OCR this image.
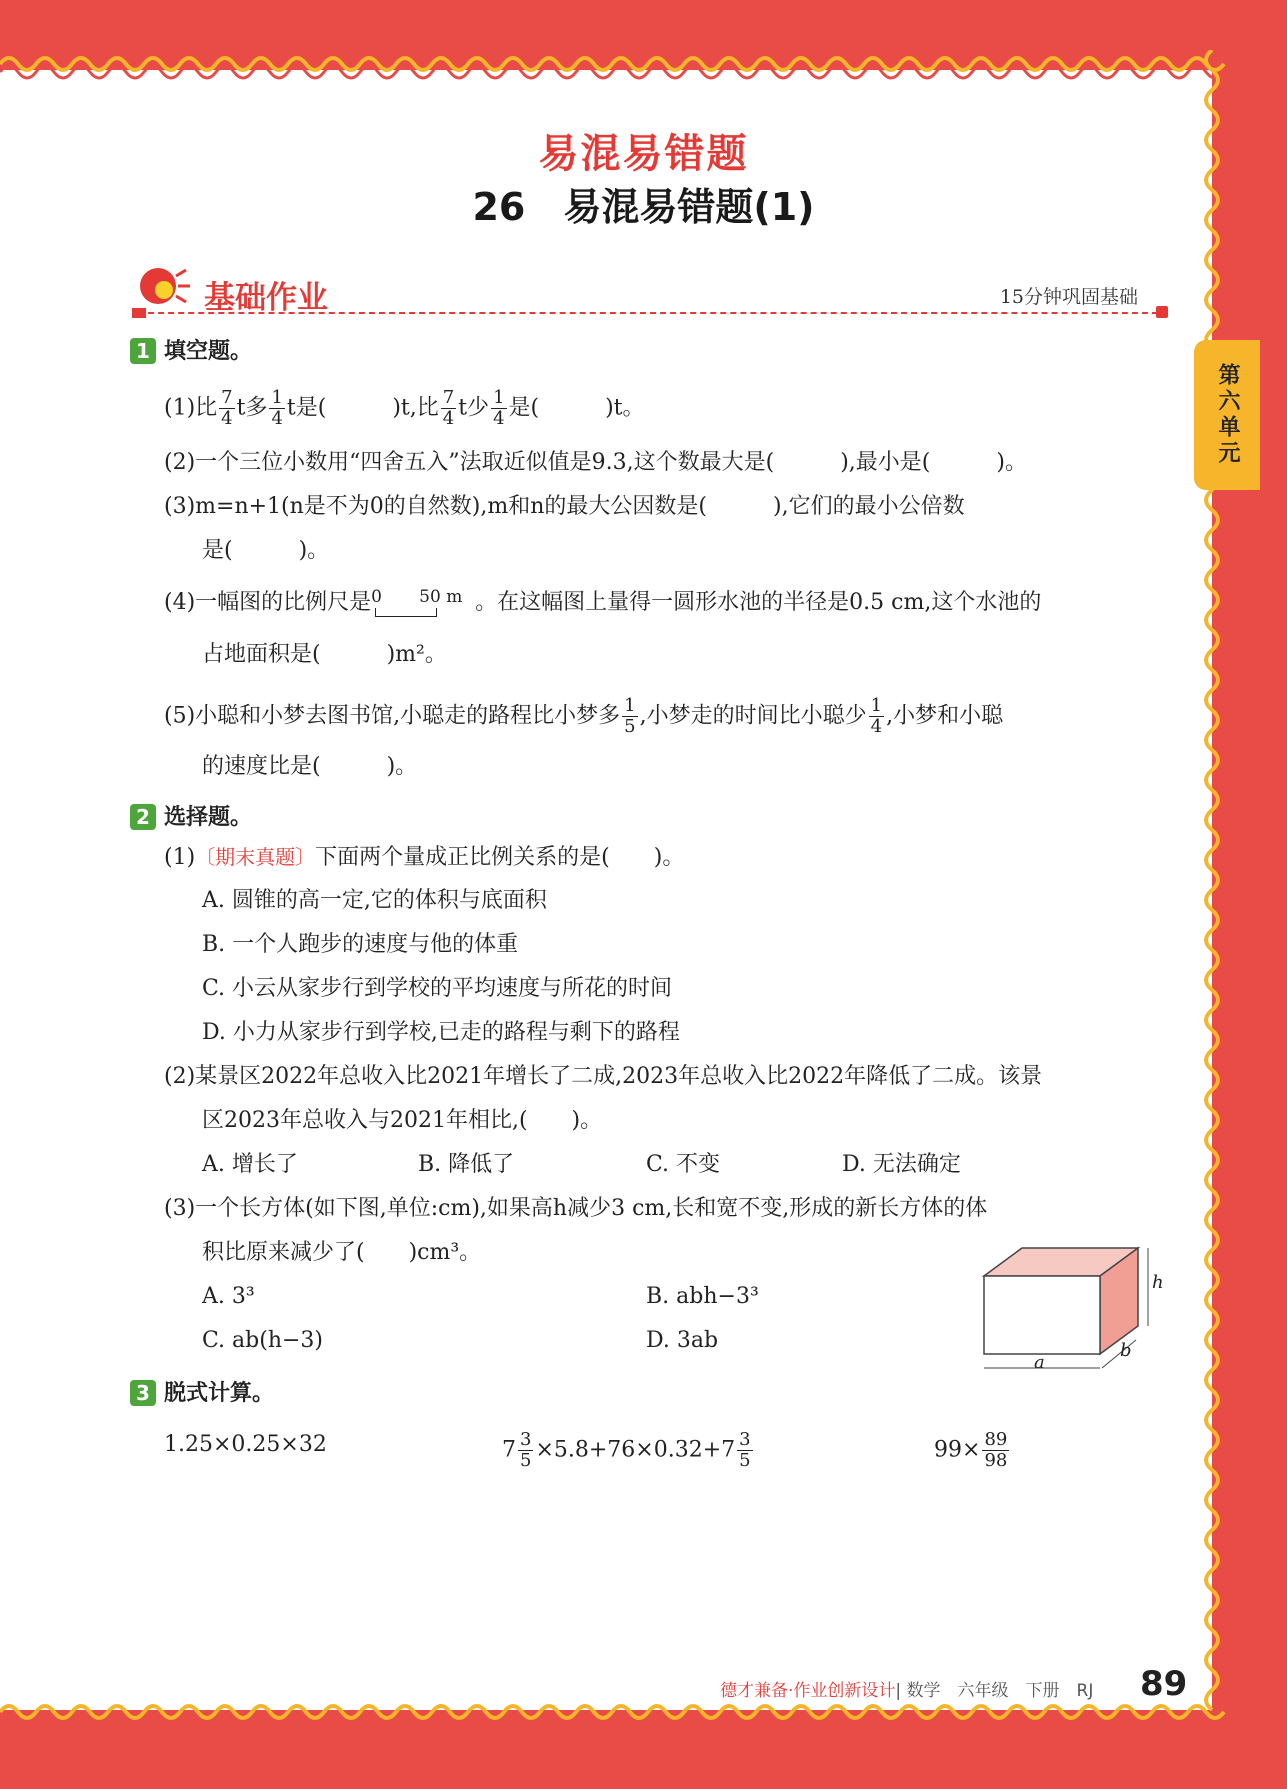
易混易错题
26　易混易错题(1)
基础作业	15分钟巩固基础
第六单元
1 填空题。
(1)比 $\frac{7}{4}$ t多 $\frac{1}{4}$ t是(　　　)t,比 $\frac{7}{4}$ t少 $\frac{1}{4}$ 是(　　　)t。
(2)一个三位小数用“四舍五入”法取近似值是9.3,这个数最大是(　　　),最小是(　　　)。
(3)m=n+1(n是不为0的自然数),m和n的最大公因数是(　　　),它们的最小公倍数
是(　　　)。
(4)一幅图的比例尺是 0 50 m 。在这幅图上量得一圆形水池的半径是0.5 cm,这个水池的
占地面积是(　　　)m²。
(5)小聪和小梦去图书馆,小聪走的路程比小梦多 $\frac{1}{5}$ ,小梦走的时间比小聪少 $\frac{1}{4}$ ,小梦和小聪
的速度比是(　　　)。
2 选择题。
(1)〔期末真题〕下面两个量成正比例关系的是(　　)。
A. 圆锥的高一定,它的体积与底面积
B. 一个人跑步的速度与他的体重
C. 小云从家步行到学校的平均速度与所花的时间
D. 小力从家步行到学校,已走的路程与剩下的路程
(2)某景区2022年总收入比2021年增长了二成,2023年总收入比2022年降低了二成。该景
区2023年总收入与2021年相比,(　　)。
A. 增长了	B. 降低了	C. 不变	D. 无法确定
(3)一个长方体(如下图,单位:cm),如果高h减少3 cm,长和宽不变,形成的新长方体的体
积比原来减少了(　　)cm³。
A. 3³	B. abh−3³
C. ab(h−3)	D. 3ab
h
a
b
3 脱式计算。
1.25×0.25×32	$7 \frac{3}{5} \times 5.8+76\times 0.32+7 \frac{3}{5}$	$99\times \frac{89}{98}$
德才兼备·作业创新设计| 数学　六年级　下册　RJ 89
